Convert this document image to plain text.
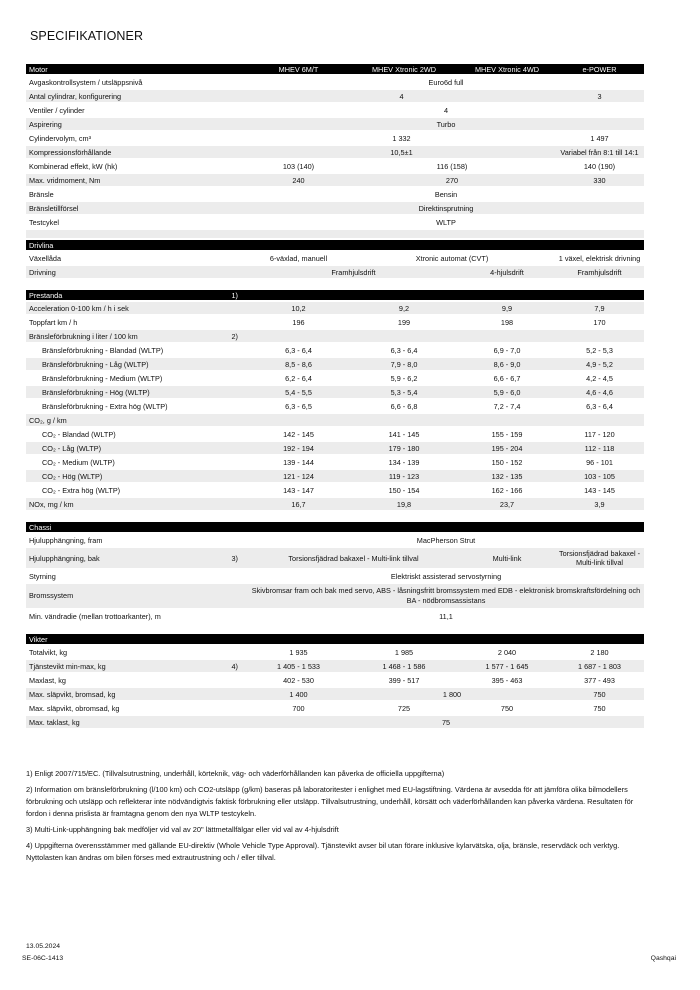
SPECIFIKATIONER
Motor	MHEV 6M/T	MHEV Xtronic 2WD	MHEV Xtronic 4WD	e-POWER
Avgaskontrollsystem / utsläppsnivå	Euro6d full			
Antal cylindrar, konfigurering	4			3
Ventiler / cylinder	4			
Aspirering	Turbo			
Cylindervolym, cm³	1 332			1 497
Kompressionsförhållande	10,5±1			Variabel från 8:1 till 14:1
Kombinerad effekt, kW (hk)	103 (140)	116 (158)		140 (190)
Max. vridmoment, Nm	240	270		330
Bränsle	Bensin			
Bränsletillförsel	Direktinsprutning			
Testcykel	WLTP			

Drivlina				
Växellåda	6-växlad, manuell	Xtronic automat (CVT)		1 växel, elektrisk drivning
Drivning	Framhjulsdrift		4-hjulsdrift	Framhjulsdrift

Prestanda 1)				

Acceleration 0-100 km / h i sek	10,2	9,2	9,9	7,9
Toppfart km / h	196	199	198	170
Bränsleförbrukning i liter / 100 km 2)				

Bränsleförbrukning - Blandad (WLTP)	6,3 - 6,4	6,3 - 6,4	6,9 - 7,0	5,2 - 5,3
Bränsleförbrukning - Låg (WLTP)	8,5 - 8,6	7,9 - 8,0	8,6 - 9,0	4,9 - 5,2
Bränsleförbrukning - Medium (WLTP)	6,2 - 6,4	5,9 - 6,2	6,6 - 6,7	4,2 - 4,5
Bränsleförbrukning - Hög (WLTP)	5,4 - 5,5	5,3 - 5,4	5,9 - 6,0	4,6 - 4,6
Bränsleförbrukning - Extra hög (WLTP)	6,3 - 6,5	6,6 - 6,8	7,2 - 7,4	6,3 - 6,4
CO₂, g / km				
CO₂ - Blandad (WLTP)	142 - 145	141 - 145	155 - 159	117 - 120
CO₂ - Låg (WLTP)	192 - 194	179 - 180	195 - 204	112 - 118
CO₂ - Medium (WLTP)	139 - 144	134 - 139	150 - 152	96 - 101
CO₂ - Hög (WLTP)	121 - 124	119 - 123	132 - 135	103 - 105
CO₂ - Extra hög (WLTP)	143 - 147	150 - 154	162 - 166	143 - 145
NOx, mg / km	16,7	19,8	23,7	3,9

Chassi				
Hjulupphängning, fram	MacPherson Strut			
Hjulupphängning, bak 3)	Torsionsfjädrad bakaxel - Multi-link tillval		Multi-link	Torsionsfjädrad bakaxel - Multi-link tillval
Styrning	Elektriskt assisterad servostyrning			
Bromssystem	Skivbromsar fram och bak med servo, ABS - låsningsfritt bromssystem med EDB - elektronisk bromskraftsfördelning och BA - nödbromsassistans			
Min. vändradie (mellan trottoarkanter), m	11,1			

Vikter				
Totalvikt, kg	1 935	1 985	2 040	2 180
Tjänstevikt min-max, kg 4)	1 405 - 1 533	1 468 - 1 586	1 577 - 1 645	1 687 - 1 803
Maxlast, kg	402 - 530	399 - 517	395 - 463	377 - 493
Max. släpvikt, bromsad, kg	1 400	1 800		750
Max. släpvikt, obromsad, kg	700	725	750	750
Max. taklast, kg	75			

1) Enligt 2007/715/EC. (Tillvalsutrustning, underhåll, körteknik, väg- och väderförhållanden kan påverka de officiella uppgifterna)

2) Information om bränsleförbrukning (l/100 km) och CO2-utsläpp (g/km) baseras på laboratoritester i enlighet med EU-lagstiftning. Värdena är avsedda för att jämföra olika bilmodellers förbrukning och utsläpp och reflekterar inte nödvändigtvis faktisk förbrukning eller utsläpp. Tillvalsutrustning, underhåll, körsätt och väderförhållanden kan påverka värdena. Resultaten för fordon i denna prislista är framtagna genom den nya WLTP testcykeln.

3) Multi-Link-upphängning bak medföljer vid val av 20" lättmetallfälgar eller vid val av 4-hjulsdrift

4) Uppgifterna överensstämmer med gällande EU-direktiv (Whole Vehicle Type Approval). Tjänstevikt avser bil utan förare inklusive kylarvätska, olja, bränsle, reservdäck och verktyg. Nyttolasten kan ändras om bilen förses med extrautrustning och / eller tillval.

13.05.2024
SE-06C-1413	Qashqai
